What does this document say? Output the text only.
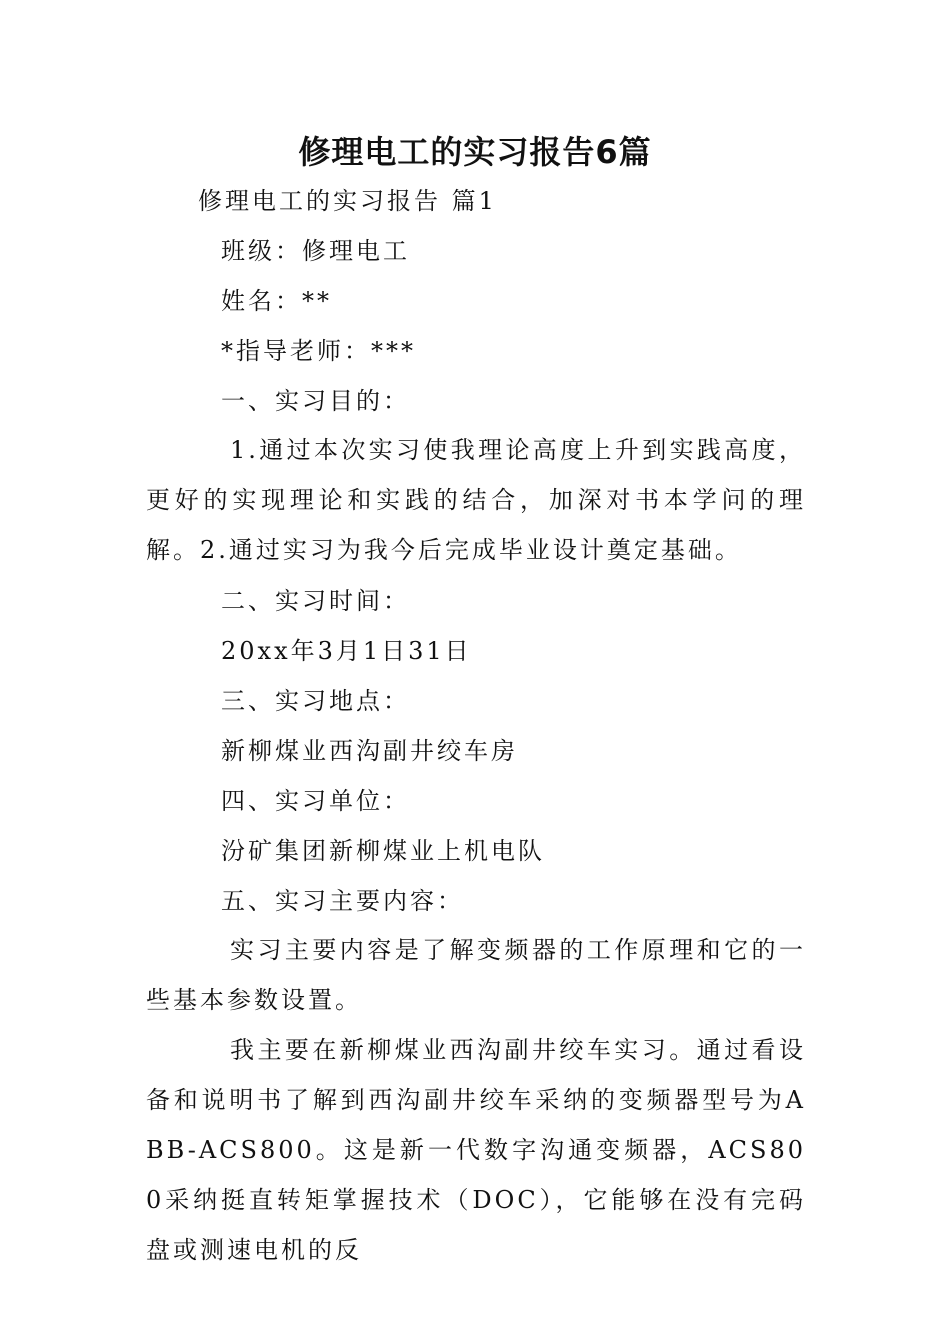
修理电工的实习报告6篇
修理电工的实习报告 篇1
班级：修理电工
姓名：**
*指导老师：***
一、实习目的：
1.通过本次实习使我理论高度上升到实践高度，更好的实现理论和实践的结合，加深对书本学问的理解。2.通过实习为我今后完成毕业设计奠定基础。
二、实习时间：
20xx年3月1日31日
三、实习地点：
新柳煤业西沟副井绞车房
四、实习单位：
汾矿集团新柳煤业上机电队
五、实习主要内容：
实习主要内容是了解变频器的工作原理和它的一些基本参数设置。
我主要在新柳煤业西沟副井绞车实习。通过看设备和说明书了解到西沟副井绞车采纳的变频器型号为ABB-ACS800。这是新一代数字沟通变频器，ACS800采纳挺直转矩掌握技术（DOC），它能够在没有完码盘或测速电机的反
